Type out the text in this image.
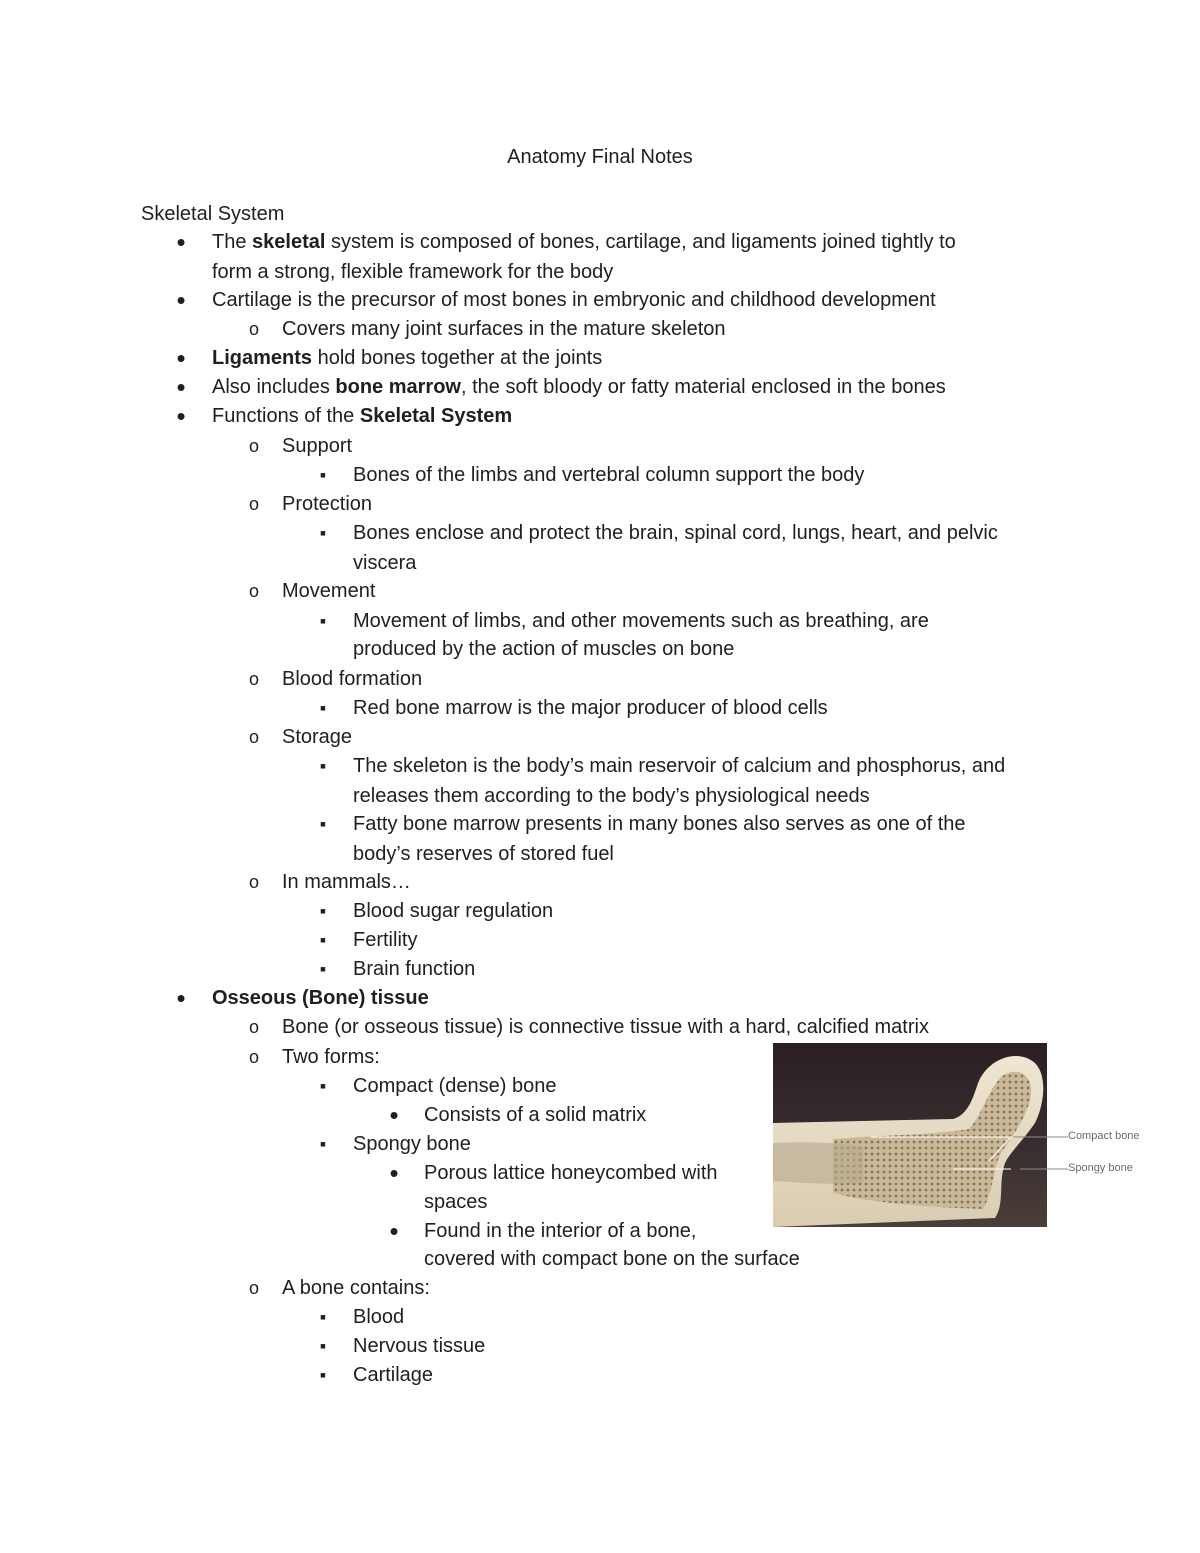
Anatomy Final Notes
Skeletal System
•
The skeletal system is composed of bones, cartilage, and ligaments joined tightly to
form a strong, flexible framework for the body
•
Cartilage is the precursor of most bones in embryonic and childhood development
o
Covers many joint surfaces in the mature skeleton
•
Ligaments hold bones together at the joints
•
Also includes bone marrow, the soft bloody or fatty material enclosed in the bones
•
Functions of the Skeletal System
o
Support
▪
Bones of the limbs and vertebral column support the body
o
Protection
▪
Bones enclose and protect the brain, spinal cord, lungs, heart, and pelvic
viscera
o
Movement
▪
Movement of limbs, and other movements such as breathing, are
produced by the action of muscles on bone
o
Blood formation
▪
Red bone marrow is the major producer of blood cells
o
Storage
▪
The skeleton is the body’s main reservoir of calcium and phosphorus, and
releases them according to the body’s physiological needs
▪
Fatty bone marrow presents in many bones also serves as one of the
body’s reserves of stored fuel
o
In mammals…
▪
Blood sugar regulation
▪
Fertility
▪
Brain function
•
Osseous (Bone) tissue
o
Bone (or osseous tissue) is connective tissue with a hard, calcified matrix
o
Two forms:
▪
Compact (dense) bone
•
Consists of a solid matrix
▪
Spongy bone
•
Porous lattice honeycombed with
spaces
•
Found in the interior of a bone,
covered with compact bone on the surface
o
A bone contains:
▪
Blood
▪
Nervous tissue
▪
Cartilage
Compact bone
Spongy bone
